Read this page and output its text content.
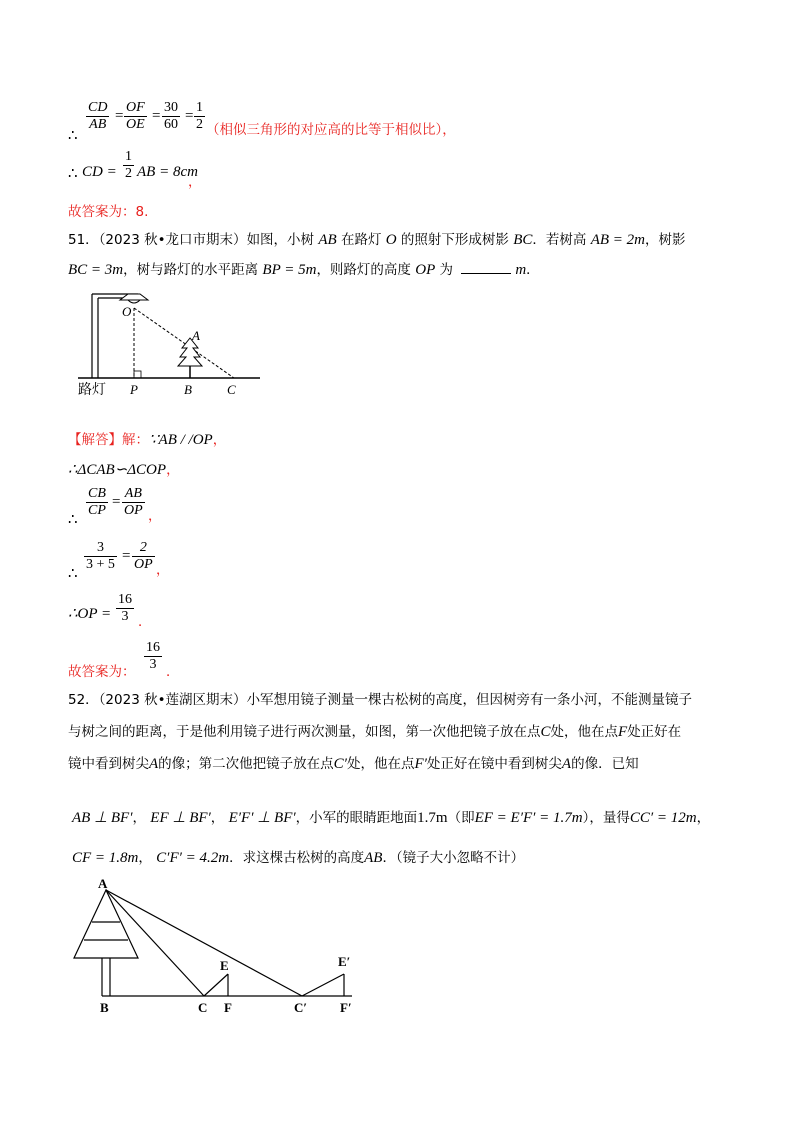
∴
$\frac{CD}{AB} = \frac{OF}{OE} = \frac{30}{60} = \frac{1}{2}$ （相似三角形的对应高的比等于相似比），
∴ CD = $\frac{1}{2}$ AB = 8cm
，
故答案为：8.
51．（2023 秋•龙口市期末）如图，小树 AB 在路灯 O 的照射下形成树影 BC．若树高 AB = 2m，树影
BC = 3m，树与路灯的水平距离 BP = 5m，则路灯的高度 OP 为	m．
O
A
P	B	C
路灯
【解答】解：∵AB / /OP，
∴ΔCAB∽ΔCOP，
∴
$\frac{CB}{CP} = \frac{AB}{OP}$ ，
∴
$\frac{3}{3 + 5} = \frac{2}{OP}$ ，
∴OP = $\frac{16}{3}$ ．
故答案为： $\frac{16}{3}$ ．
52．（2023 秋•莲湖区期末）小军想用镜子测量一棵古松树的高度，但因树旁有一条小河，不能测量镜子
与树之间的距离，于是他利用镜子进行两次测量，如图，第一次他把镜子放在点C处，他在点F处正好在
镜中看到树尖A的像；第二次他把镜子放在点C′处，他在点F′处正好在镜中看到树尖A的像．已知
AB ⊥ BF′， EF ⊥ BF′， E′F′ ⊥ BF′，小军的眼睛距地面1.7m（即EF = E′F′ = 1.7m），量得CC′ = 12m，
CF = 1.8m， C′F′ = 4.2m．求这棵古松树的高度AB．（镜子大小忽略不计）
A
B	C F
E
C′	F′
E′
